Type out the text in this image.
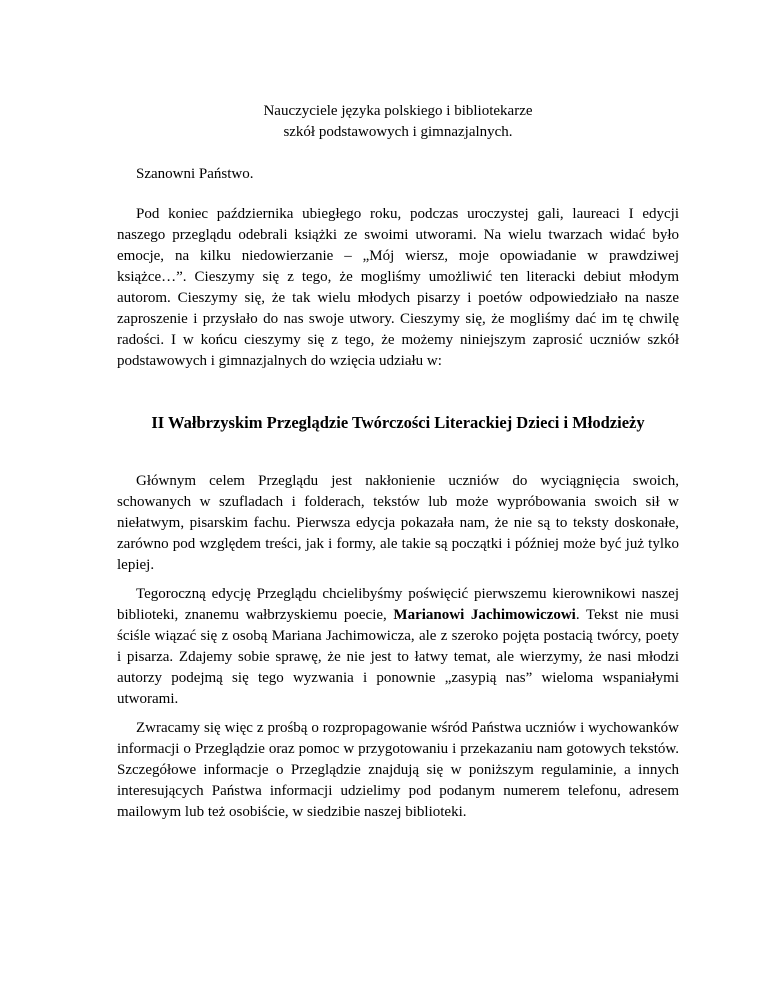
Nauczyciele języka polskiego i bibliotekarze
szkół podstawowych i gimnazjalnych.

Szanowni Państwo.

Pod koniec października ubiegłego roku, podczas uroczystej gali, laureaci I edycji naszego przeglądu odebrali książki ze swoimi utworami. Na wielu twarzach widać było emocje, na kilku niedowierzanie – „Mój wiersz, moje opowiadanie w prawdziwej książce…”. Cieszymy się z tego, że mogliśmy umożliwić ten literacki debiut młodym autorom. Cieszymy się, że tak wielu młodych pisarzy i poetów odpowiedziało na nasze zaproszenie i przysłało do nas swoje utwory. Cieszymy się, że mogliśmy dać im tę chwilę radości. I w końcu cieszymy się z tego, że możemy niniejszym zaprosić uczniów szkół podstawowych i gimnazjalnych do wzięcia udziału w:

II Wałbrzyskim Przeglądzie Twórczości Literackiej Dzieci i Młodzieży

Głównym celem Przeglądu jest nakłonienie uczniów do wyciągnięcia swoich, schowanych w szufladach i folderach, tekstów lub może wypróbowania swoich sił w niełatwym, pisarskim fachu. Pierwsza edycja pokazała nam, że nie są to teksty doskonałe, zarówno pod względem treści, jak i formy, ale takie są początki i później może być już tylko lepiej.

Tegoroczną edycję Przeglądu chcielibyśmy poświęcić pierwszemu kierownikowi naszej biblioteki, znanemu wałbrzyskiemu poecie, Marianowi Jachimowiczowi. Tekst nie musi ściśle wiązać się z osobą Mariana Jachimowicza, ale z szeroko pojęta postacią twórcy, poety i pisarza. Zdajemy sobie sprawę, że nie jest to łatwy temat, ale wierzymy, że nasi młodzi autorzy podejmą się tego wyzwania i ponownie „zasypią nas” wieloma wspaniałymi utworami.

Zwracamy się więc z prośbą o rozpropagowanie wśród Państwa uczniów i wychowanków informacji o Przeglądzie oraz pomoc w przygotowaniu i przekazaniu nam gotowych tekstów. Szczegółowe informacje o Przeglądzie znajdują się w poniższym regulaminie, a innych interesujących Państwa informacji udzielimy pod podanym numerem telefonu, adresem mailowym lub też osobiście, w siedzibie naszej biblioteki.
